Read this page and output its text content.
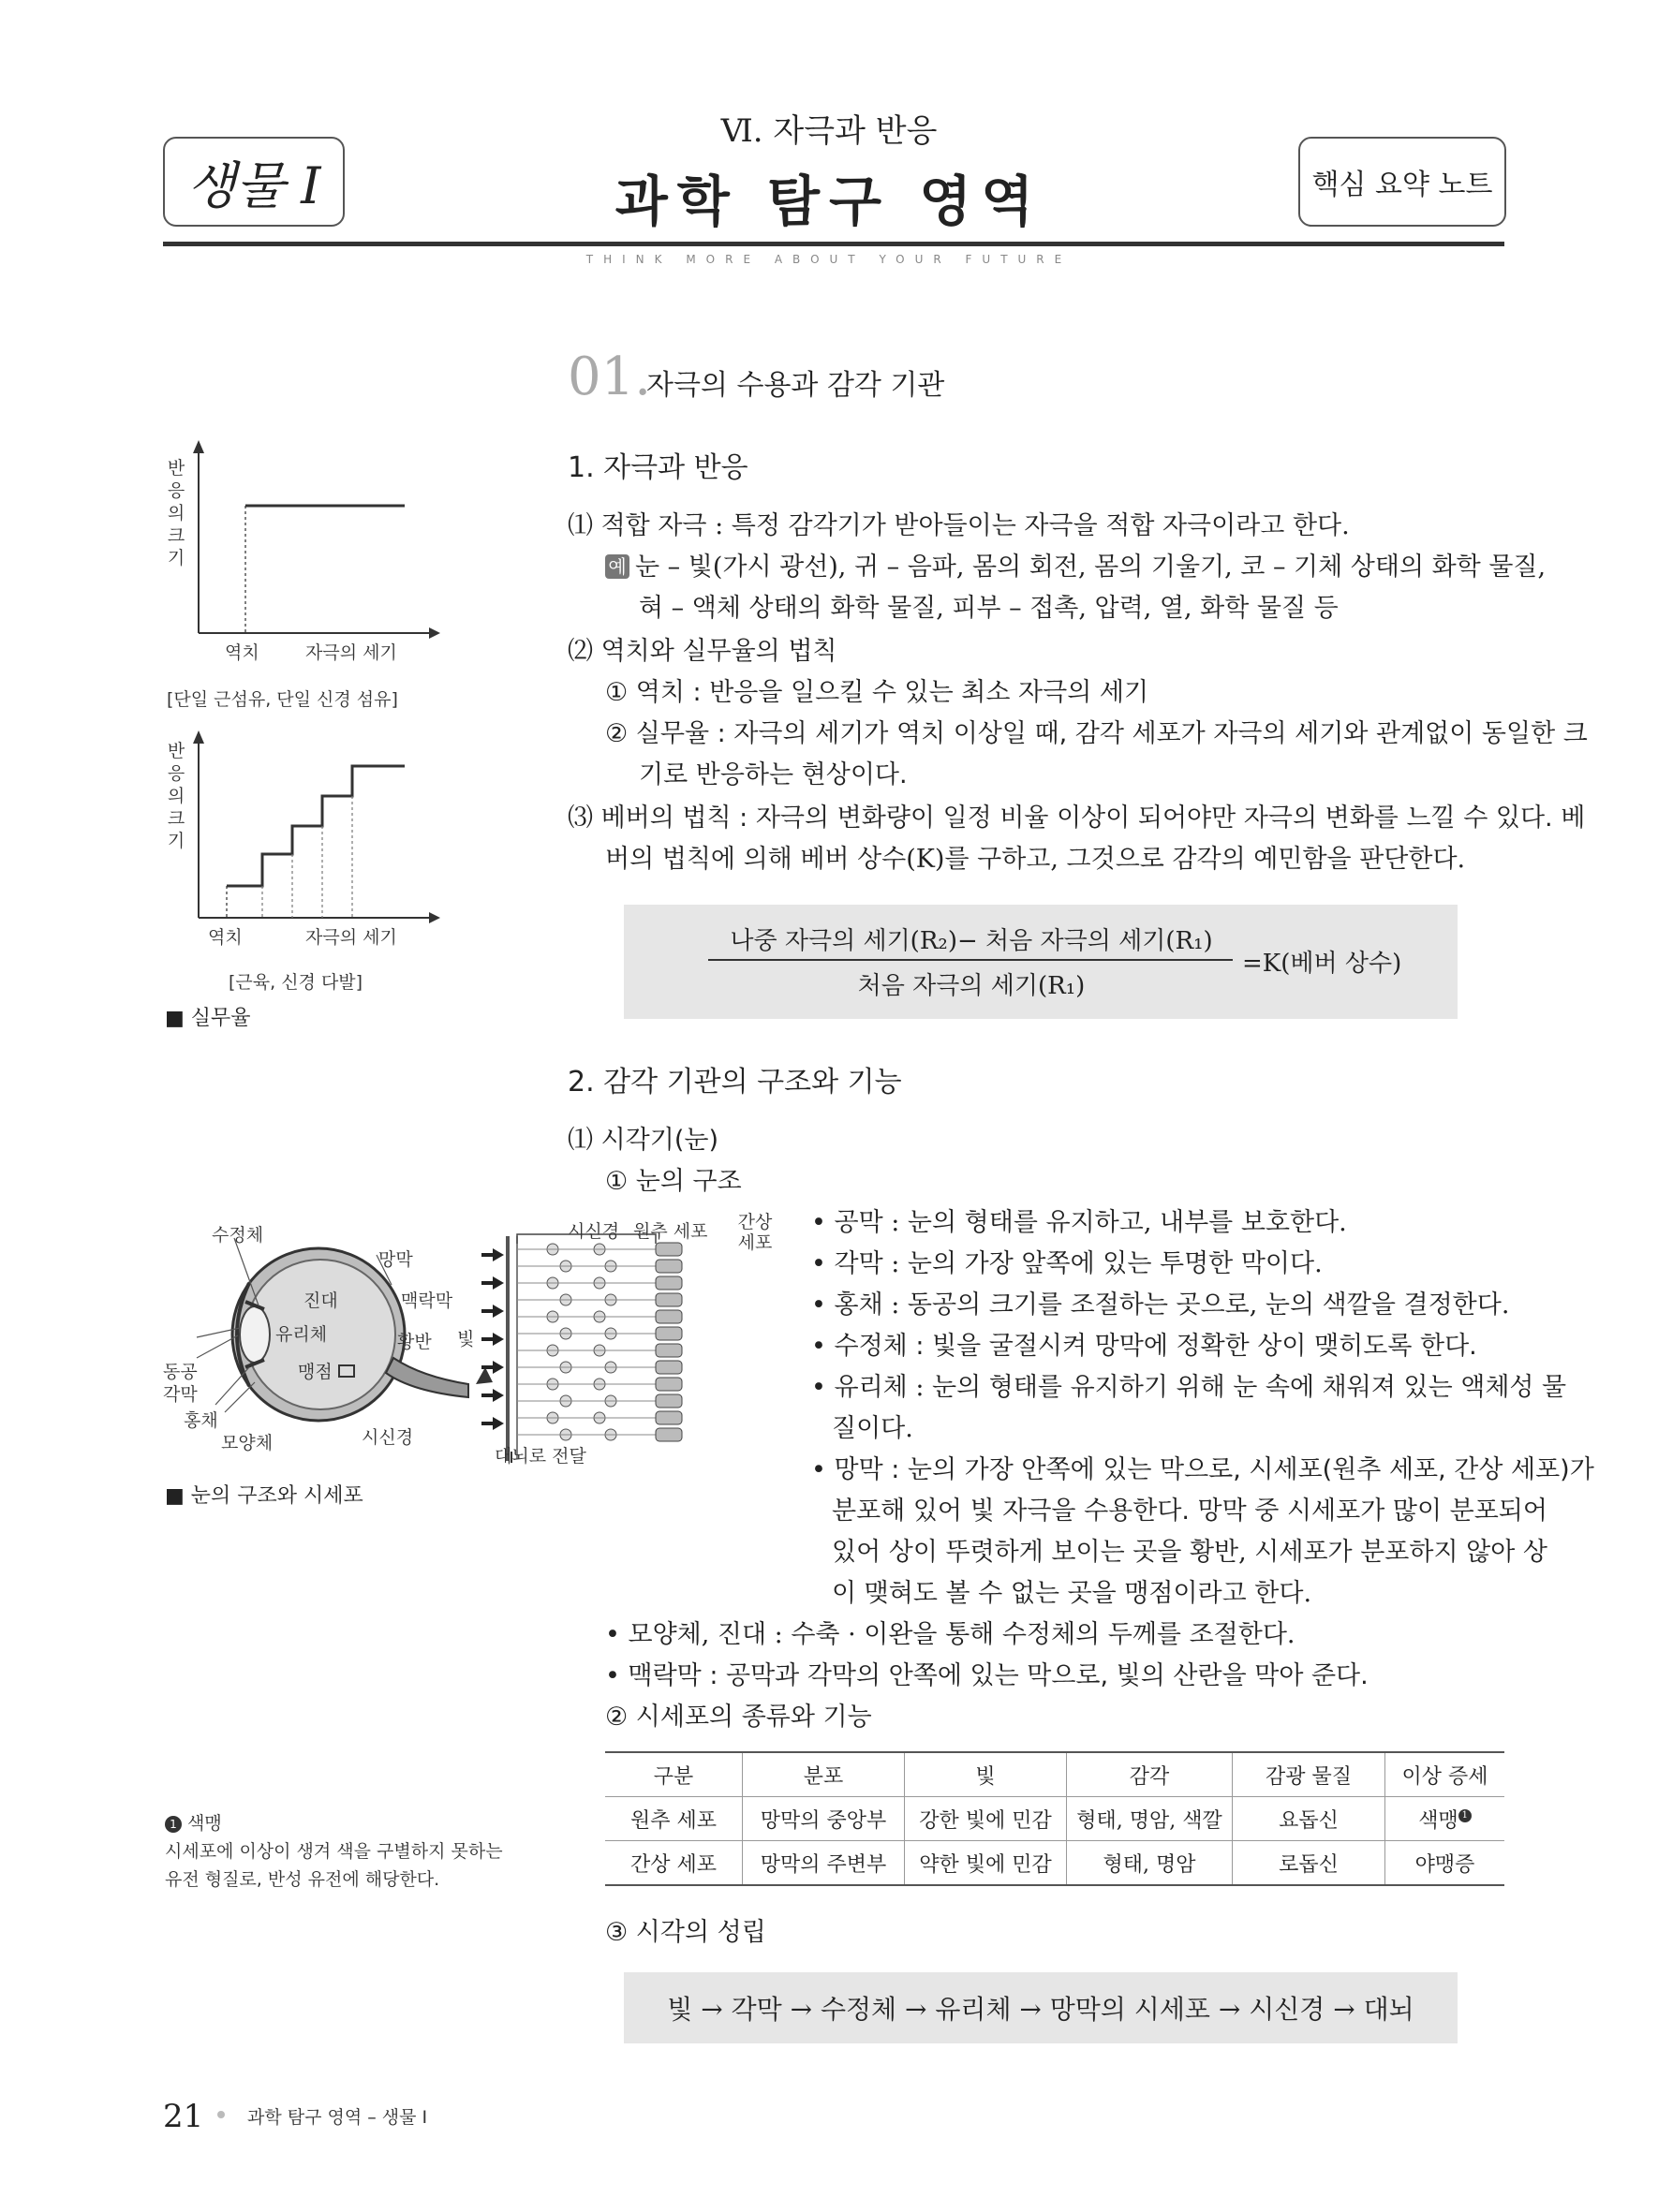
생물 I
Ⅵ. 자극과 반응
과학 탐구 영역	핵심 요약 노트
THINK MORE ABOUT YOUR FUTURE
01.
자극의 수용과 감각 기관
1. 자극과 반응
⑴ 적합 자극 : 특정 감각기가 받아들이는 자극을 적합 자극이라고 한다.
예 눈 – 빛(가시 광선), 귀 – 음파, 몸의 회전, 몸의 기울기, 코 – 기체 상태의 화학 물질,
혀 – 액체 상태의 화학 물질, 피부 – 접촉, 압력, 열, 화학 물질 등
⑵ 역치와 실무율의 법칙
① 역치 : 반응을 일으킬 수 있는 최소 자극의 세기
② 실무율 : 자극의 세기가 역치 이상일 때, 감각 세포가 자극의 세기와 관계없이 동일한 크
기로 반응하는 현상이다.
⑶ 베버의 법칙 : 자극의 변화량이 일정 비율 이상이 되어야만 자극의 변화를 느낄 수 있다. 베
버의 법칙에 의해 베버 상수(K)를 구하고, 그것으로 감각의 예민함을 판단한다.
나중 자극의 세기(R₂)− 처음 자극의 세기(R₁)
처음 자극의 세기(R₁)
=K(베버 상수)
반응의 크기
역치	자극의 세기
[단일 근섬유, 단일 신경 섬유]
반응의 크기
역치	자극의 세기
[근육, 신경 다발]
■ 실무율
2. 감각 기관의 구조와 기능
⑴ 시각기(눈)
① 눈의 구조
수정체
망막
진대	맥락막
유리체	황반
동공	맹점
각막
홍채
모양체	시신경
빛
시신경 원추 세포 간상
세포
대뇌로 전달
■ 눈의 구조와 시세포
• 공막 : 눈의 형태를 유지하고, 내부를 보호한다.
• 각막 : 눈의 가장 앞쪽에 있는 투명한 막이다.
• 홍채 : 동공의 크기를 조절하는 곳으로, 눈의 색깔을 결정한다.
• 수정체 : 빛을 굴절시켜 망막에 정확한 상이 맺히도록 한다.
• 유리체 : 눈의 형태를 유지하기 위해 눈 속에 채워져 있는 액체성 물
질이다.
• 망막 : 눈의 가장 안쪽에 있는 막으로, 시세포(원추 세포, 간상 세포)가
분포해 있어 빛 자극을 수용한다. 망막 중 시세포가 많이 분포되어
있어 상이 뚜렷하게 보이는 곳을 황반, 시세포가 분포하지 않아 상
이 맺혀도 볼 수 없는 곳을 맹점이라고 한다.
• 모양체, 진대 : 수축 · 이완을 통해 수정체의 두께를 조절한다.
• 맥락막 : 공막과 각막의 안쪽에 있는 막으로, 빛의 산란을 막아 준다.
② 시세포의 종류와 기능
구분	분포	빛	감각	감광 물질	이상 증세
원추 세포	망막의 중앙부	강한 빛에 민감	형태, 명암, 색깔	요돕신	색맹 1
간상 세포	망막의 주변부	약한 빛에 민감	형태, 명암	로돕신	야맹증
1 색맹
시세포에 이상이 생겨 색을 구별하지 못하는
유전 형질로, 반성 유전에 해당한다.
③ 시각의 성립
빛 → 각막 → 수정체 → 유리체 → 망막의 시세포 → 시신경 → 대뇌
21 과학 탐구 영역 – 생물 Ⅰ
